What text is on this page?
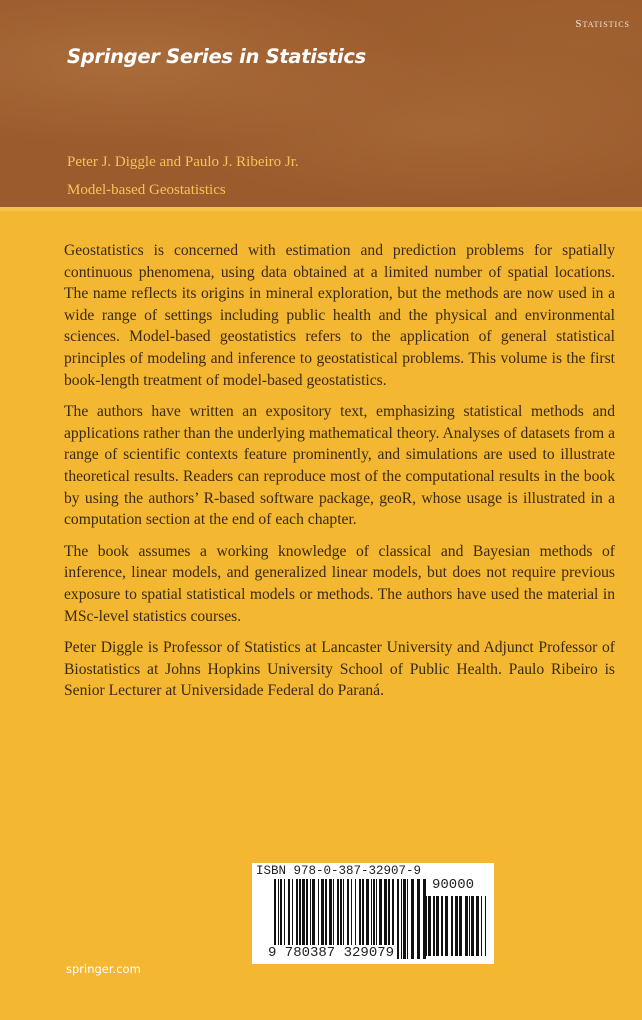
Statistics
Springer Series in Statistics
Peter J. Diggle and Paulo J. Ribeiro Jr.
Model-based Geostatistics

Geostatistics is concerned with estimation and prediction problems for spatially continuous phenomena, using data obtained at a limited number of spatial locations. The name reflects its origins in mineral exploration, but the methods are now used in a wide range of settings including public health and the physical and environmental sciences. Model-based geostatistics refers to the application of general statistical principles of modeling and inference to geostatistical problems. This volume is the first book-length treatment of model-based geostatistics.

The authors have written an expository text, emphasizing statistical methods and applications rather than the underlying mathematical theory. Analyses of datasets from a range of scientific contexts feature prominently, and simulations are used to illustrate theoretical results. Readers can reproduce most of the computational results in the book by using the authors’ R-based software package, geoR, whose usage is illustrated in a computation section at the end of each chapter.

The book assumes a working knowledge of classical and Bayesian methods of inference, linear models, and generalized linear models, but does not require previous exposure to spatial statistical models or methods. The authors have used the material in MSc-level statistics courses.

Peter Diggle is Professor of Statistics at Lancaster University and Adjunct Professor of Biostatistics at Johns Hopkins University School of Public Health. Paulo Ribeiro is Senior Lecturer at Universidade Federal do Paraná.

ISBN 978-0-387-32907-9
90000
9 780387 329079
springer.com
